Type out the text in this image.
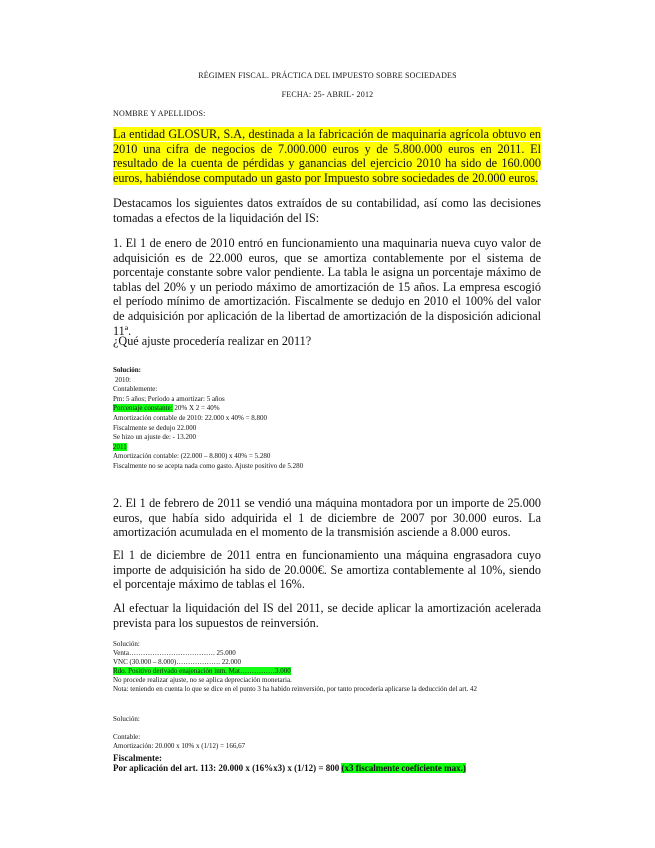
RÉGIMEN FISCAL. PRÁCTICA DEL IMPUESTO SOBRE SOCIEDADES
FECHA: 25- ABRIL- 2012
NOMBRE Y APELLIDOS:
La entidad GLOSUR, S.A, destinada a la fabricación de maquinaria agrícola obtuvo en 2010 una cifra de negocios de 7.000.000 euros y de 5.800.000 euros en 2011. El resultado de la cuenta de pérdidas y ganancias del ejercicio 2010 ha sido de 160.000 euros, habiéndose computado un gasto por Impuesto sobre sociedades de 20.000 euros.
Destacamos los siguientes datos extraídos de su contabilidad, así como las decisiones tomadas a efectos de la liquidación del IS:
1. El 1 de enero de 2010 entró en funcionamiento una maquinaria nueva cuyo valor de adquisición es de 22.000 euros, que se amortiza contablemente por el sistema de porcentaje constante sobre valor pendiente. La tabla le asigna un porcentaje máximo de tablas del 20% y un periodo máximo de amortización de 15 años. La empresa escogió el período mínimo de amortización. Fiscalmente se dedujo en 2010 el 100% del valor de adquisición por aplicación de la libertad de amortización de la disposición adicional 11ª.
¿Qué ajuste procedería realizar en 2011?
Solución:
2010:
Contablemente:
Pm: 5 años; Período a amortizar: 5 años
Porcentaje constante: 20% X 2 = 40%
Amortización contable de 2010: 22.000 x 40% = 8.800
Fiscalmente se dedujo 22.000
Se hizo un ajuste de: - 13.200
2011
Amortización contable: (22.000 – 8.800) x 40% = 5.280
Fiscalmente no se acepta nada como gasto. Ajuste positivo de 5.280
2. El 1 de febrero de 2011 se vendió una máquina montadora por un importe de 25.000 euros, que había sido adquirida el 1 de diciembre de 2007 por 30.000 euros. La amortización acumulada en el momento de la transmisión asciende a 8.000 euros.
El 1 de diciembre de 2011 entra en funcionamiento una máquina engrasadora cuyo importe de adquisición ha sido de 20.000€. Se amortiza contablemente al 10%, siendo el porcentaje máximo de tablas el 16%.
Al efectuar la liquidación del IS del 2011, se decide aplicar la amortización acelerada prevista para los supuestos de reinversión.
Solución:
Venta………………………………. 25.000
VNC (30.000 – 8.000)………………. 22.000
Rdo. Positivo derivado enajenación inm. Mat……………3.000
No procede realizar ajuste, no se aplica depreciación monetaria.
Nota: teniendo en cuenta lo que se dice en el punto 3 ha habido reinversión, por tanto procedería aplicarse la deducción del art. 42
Solución:
Contable:
Amortización: 20.000 x 10% x (1/12) = 166,67
Fiscalmente:
Por aplicación del art. 113: 20.000 x (16%x3) x (1/12) = 800 (x3 fiscalmente coeficiente max.)
